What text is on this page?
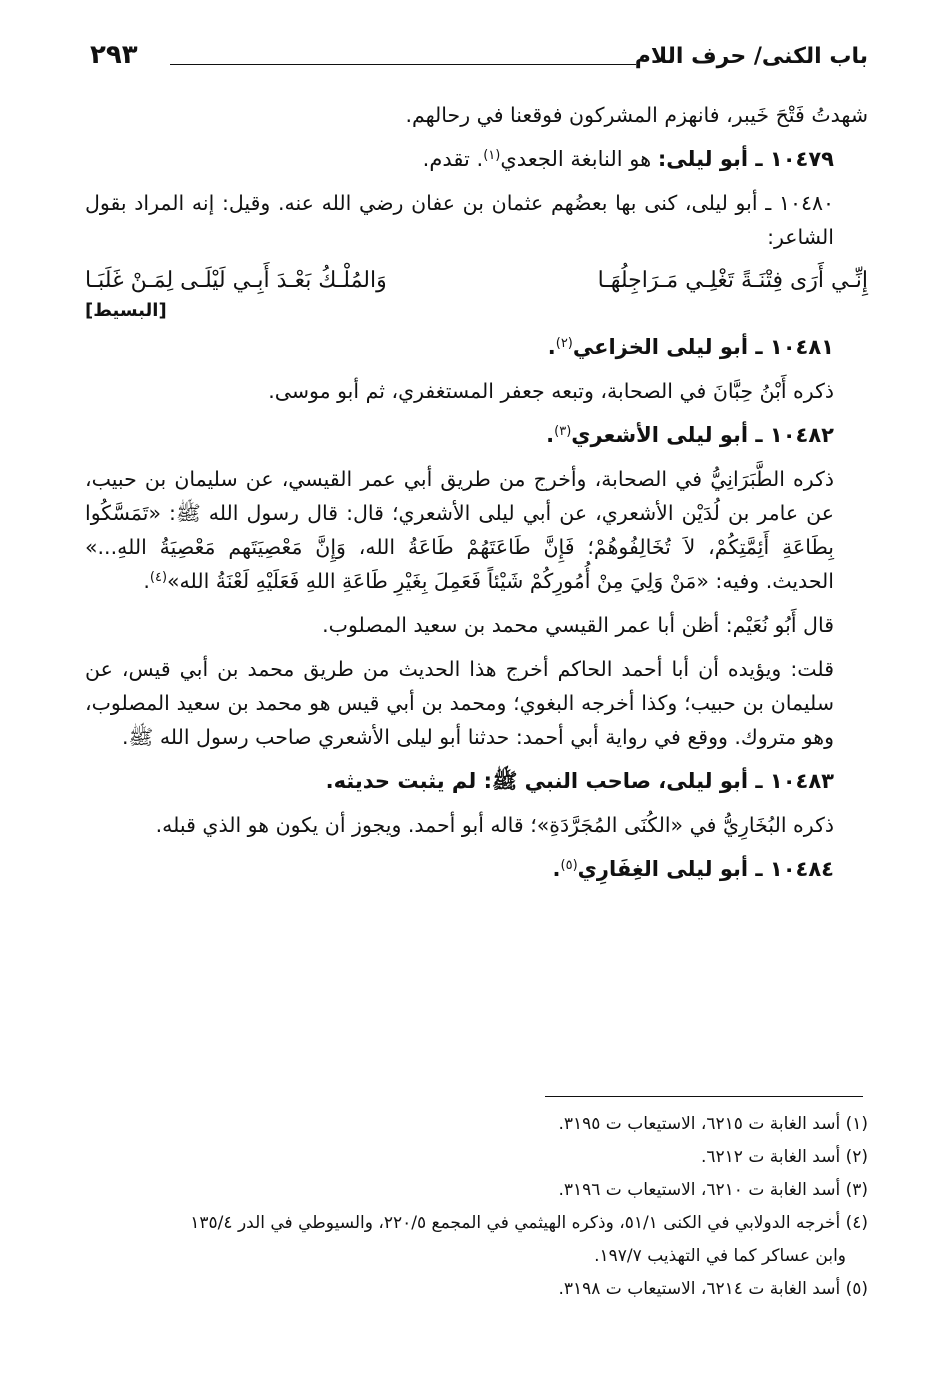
باب الكنى/ حرف اللام
٢٩٣

شهدتُ فَتْحَ خَيبر، فانهزم المشركون فوقعنا في رحالهم.

١٠٤٧٩ ـ أبو ليلى: هو النابغة الجعدي$^{(١)}$. تقدم.

١٠٤٨٠ ـ أبو ليلى، كنى بها بعضُهم عثمان بن عفان رضي الله عنه. وقيل: إنه المراد بقول الشاعر:

إِنِّـي أَرَى فِتْنَـةً تَغْلِـي مَـرَاجِلُهَـا
وَالمُلْـكُ بَعْـدَ أَبِـي لَيْلَـى لِمَـنْ غَلَبَـا
[البسيط]

١٠٤٨١ ـ أبو ليلى الخزاعي$^{(٢)}$.

ذكره أَبْنُ حِبَّانَ في الصحابة، وتبعه جعفر المستغفري، ثم أبو موسى.

١٠٤٨٢ ـ أبو ليلى الأشعري$^{(٣)}$.

ذكره الطَّبَرَانِيُّ في الصحابة، وأخرج من طريق أبي عمر القيسي، عن سليمان بن حبيب، عن عامر بن لُدَيْن الأشعري، عن أبي ليلى الأشعري؛ قال: قال رسول الله ﷺ: «تَمَسَّكُوا بِطَاعَةِ أَئِمَّتِكُمْ، لاَ تُخَالِفُوهُمْ؛ فَإِنَّ طَاعَتَهُمْ طَاعَةُ الله، وَإِنَّ مَعْصِيَتَهم مَعْصِيَةُ اللهِ...» الحديث. وفيه: «مَنْ وَلِيَ مِنْ أُمُورِكُمْ شَيْئاً فَعَمِلَ بِغَيْرِ طَاعَةِ اللهِ فَعَلَيْهِ لَعْنَةُ الله»$^{(٤)}$.

قال أَبُو نُعَيْم: أظن أبا عمر القيسي محمد بن سعيد المصلوب.

قلت: ويؤيده أن أبا أحمد الحاكم أخرج هذا الحديث من طريق محمد بن أبي قيس، عن سليمان بن حبيب؛ وكذا أخرجه البغوي؛ ومحمد بن أبي قيس هو محمد بن سعيد المصلوب، وهو متروك. ووقع في رواية أبي أحمد: حدثنا أبو ليلى الأشعري صاحب رسول الله ﷺ.

١٠٤٨٣ ـ أبو ليلى، صاحب النبي ﷺ: لم يثبت حديثه.

ذكره البُخَارِيُّ في «الكُنَى المُجَرَّدَةِ»؛ قاله أبو أحمد. ويجوز أن يكون هو الذي قبله.

١٠٤٨٤ ـ أبو ليلى الغِفَارِي$^{(٥)}$.

(١) أسد الغابة ت ٦٢١٥، الاستيعاب ت ٣١٩٥.

(٢) أسد الغابة ت ٦٢١٢.

(٣) أسد الغابة ت ٦٢١٠، الاستيعاب ت ٣١٩٦.

(٤) أخرجه الدولابي في الكنى ٥١/١، وذكره الهيثمي في المجمع ٢٢٠/٥، والسيوطي في الدر ١٣٥/٤

وابن عساكر كما في التهذيب ١٩٧/٧.

(٥) أسد الغابة ت ٦٢١٤، الاستيعاب ت ٣١٩٨.
